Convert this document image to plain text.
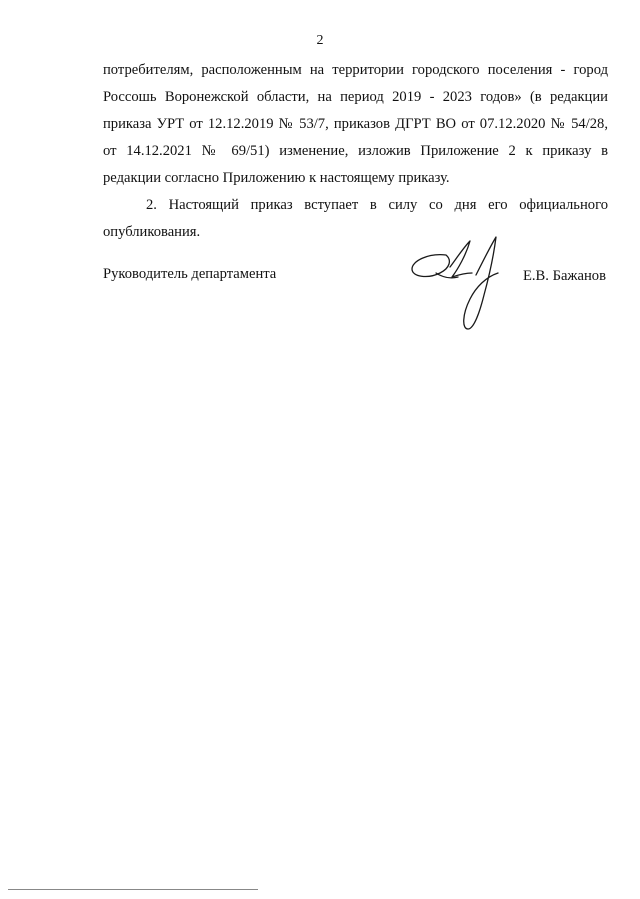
2
потребителям, расположенным на территории городского поселения - город
Россошь Воронежской области, на период 2019 - 2023 годов» (в редакции
приказа УРТ от 12.12.2019 № 53/7, приказов ДГРТ ВО от 07.12.2020 № 54/28,
от 14.12.2021 № 69/51) изменение, изложив Приложение 2 к приказу в
редакции согласно Приложению к настоящему приказу.
2. Настоящий приказ вступает в силу со дня его официального
опубликования.
Руководитель департамента	Е.В. Бажанов
